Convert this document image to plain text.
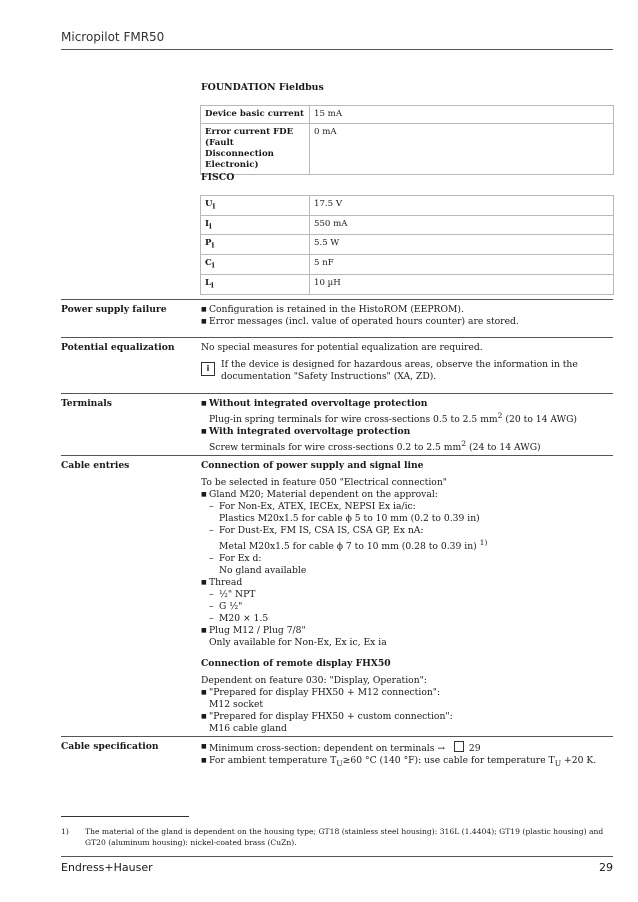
Micropilot FMR50
FOUNDATION Fieldbus
Device basic current	15 mA
Error current FDE (Fault Disconnection Electronic)	0 mA
FISCO
$U_i$	17.5 V
$I_i$	550 mA
$P_i$	5.5 W
$C_i$	5 nF
$L_i$	10 µH
Power supply failure	■ Configuration is retained in the HistoROM (EEPROM).
■ Error messages (incl. value of operated hours counter) are stored.
Potential equalization	No special measures for potential equalization are required.
i	If the device is designed for hazardous areas, observe the information in the documentation "Safety Instructions" (XA, ZD).
Terminals	■ Without integrated overvoltage protection
Plug-in spring terminals for wire cross-sections 0.5 to 2.5 $mm^2$ (20 to 14 AWG)
■ With integrated overvoltage protection
Screw terminals for wire cross-sections 0.2 to 2.5 $mm^2$ (24 to 14 AWG)
Cable entries	Connection of power supply and signal line
To be selected in feature 050 "Electrical connection"
■ Gland M20; Material dependent on the approval:
– For Non-Ex, ATEX, IECEx, NEPSI Ex ia/ic:
Plastics M20x1.5 for cable ϕ 5 to 10 mm (0.2 to 0.39 in)
– For Dust-Ex, FM IS, CSA IS, CSA GP, Ex nA:
Metal M20x1.5 for cable ϕ 7 to 10 mm (0.28 to 0.39 in) $^{1)}$
– For Ex d:
No gland available
■ Thread
– ½" NPT
– G ½"
– M20 × 1.5
■ Plug M12 / Plug 7/8"
Only available for Non-Ex, Ex ic, Ex ia
Connection of remote display FHX50
Dependent on feature 030: "Display, Operation":
■ "Prepared for display FHX50 + M12 connection":
M12 socket
■ "Prepared for display FHX50 + custom connection":
M16 cable gland
Cable specification	■ Minimum cross-section: dependent on terminals →	29
■ For ambient temperature $T_U\ge 60$ °C (140 °F): use cable for temperature $T_U +20$ K.
1) The material of the gland is dependent on the housing type; GT18 (stainless steel housing): 316L (1.4404); GT19 (plastic housing) and GT20 (aluminum housing): nickel-coated brass (CuZn).
Endress+Hauser	29
